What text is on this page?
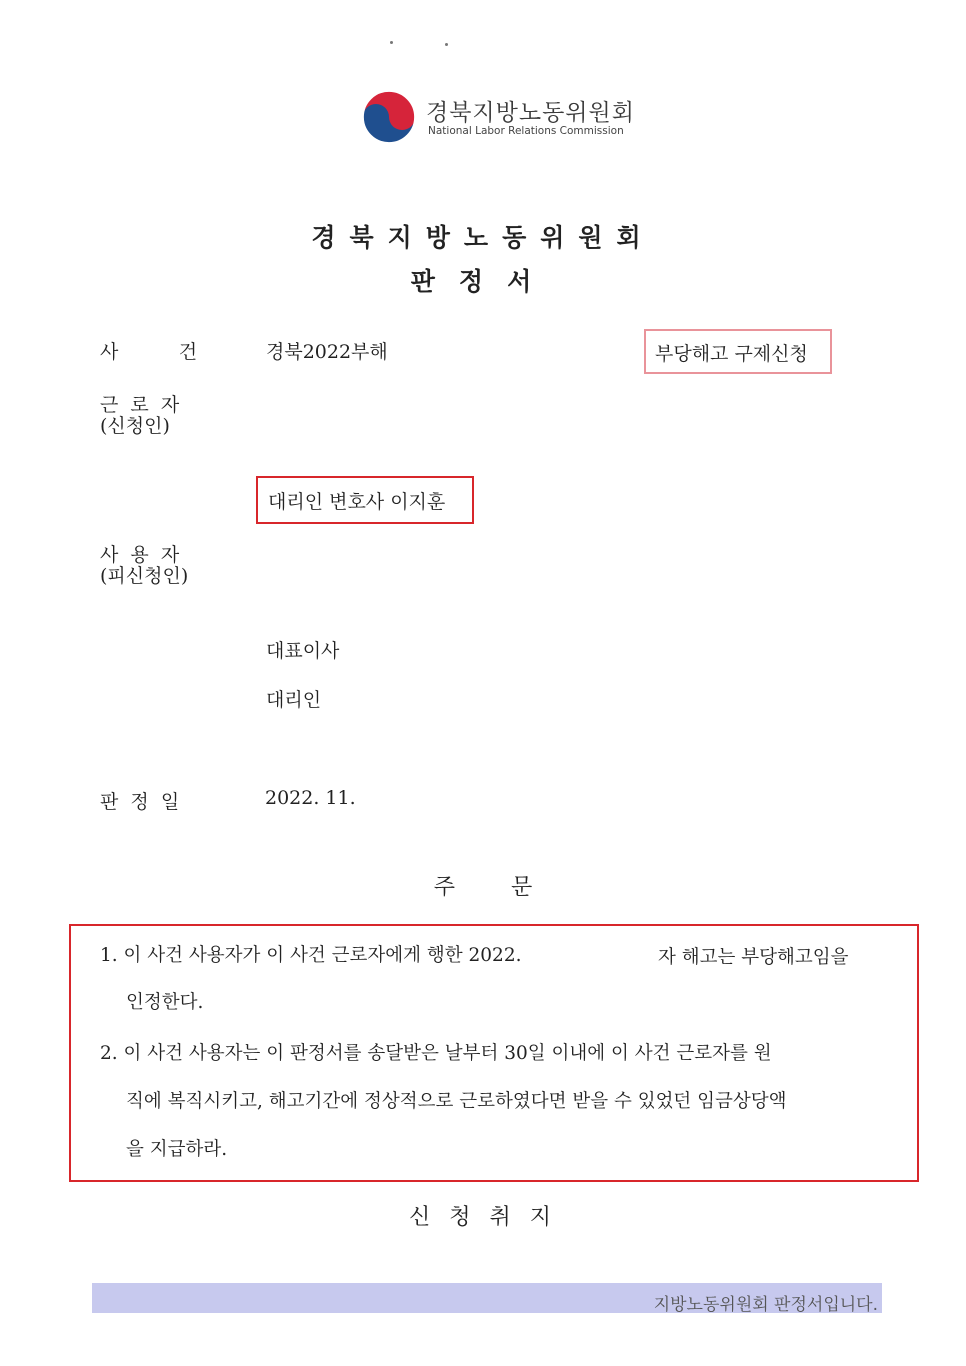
경북지방노동위원회
National Labor Relations Commission
경북지방노동위원회
판정서
사          건	경북2022부해	부당해고 구제신청
근  로  자
(신청인)
대리인 변호사 이지훈
사  용  자
(피신청인)
대표이사
대리인
판  정  일	2022. 11.
주        문
1. 이 사건 사용자가 이 사건 근로자에게 행한 2022.	자 해고는 부당해고임을
인정한다.
2. 이 사건 사용자는 이 판정서를 송달받은 날부터 30일 이내에 이 사건 근로자를 원
직에 복직시키고, 해고기간에 정상적으로 근로하였다면 받을 수 있었던 임금상당액
을 지급하라.
신 청 취 지
지방노동위원회 판정서입니다.
